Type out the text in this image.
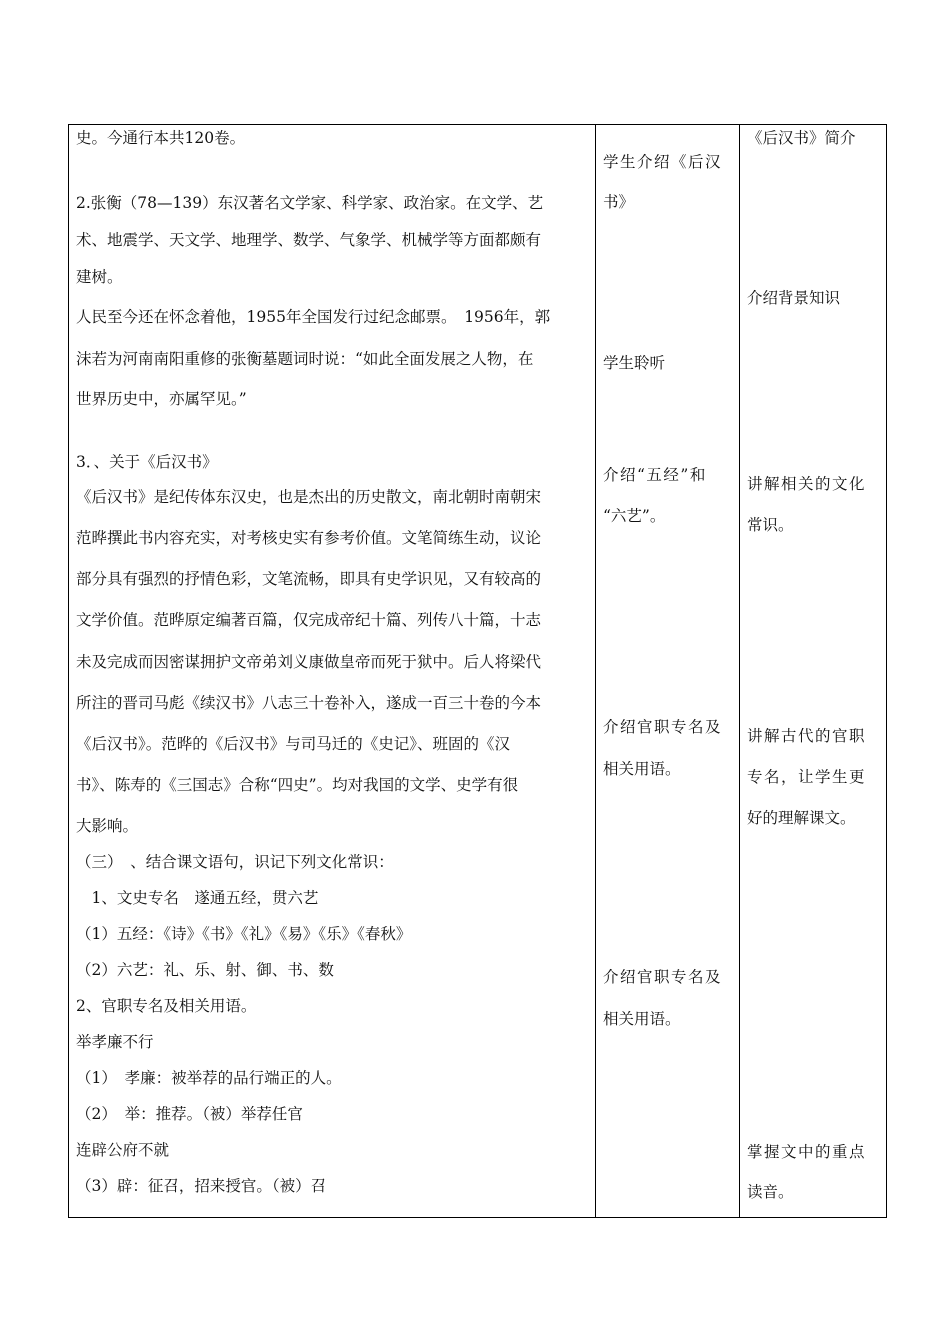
史。今通行本共120卷。
2.张衡（78—139）东汉著名文学家、科学家、政治家。在文学、艺
术、地震学、天文学、地理学、数学、气象学、机械学等方面都颇有
建树。
人民至今还在怀念着他，1955年全国发行过纪念邮票。　1956年，郭
沫若为河南南阳重修的张衡墓题词时说：“如此全面发展之人物，在
世界历史中，亦属罕见。”
3．、关于《后汉书》
《后汉书》是纪传体东汉史，也是杰出的历史散文，南北朝时南朝宋
范晔撰此书内容充实，对考核史实有参考价值。文笔简练生动，议论
部分具有强烈的抒情色彩，文笔流畅，即具有史学识见，又有较高的
文学价值。范晔原定编著百篇，仅完成帝纪十篇、列传八十篇，十志
未及完成而因密谋拥护文帝弟刘义康做皇帝而死于狱中。后人将梁代
所注的晋司马彪《续汉书》八志三十卷补入，遂成一百三十卷的今本
《后汉书》。范晔的《后汉书》与司马迁的《史记》、班固的《汉
书》、陈寿的《三国志》合称“四史”。均对我国的文学、史学有很
大影响。
（三）　、结合课文语句，识记下列文化常识：
　1、文史专名　遂通五经，贯六艺
（1）五经：《诗》《书》《礼》《易》《乐》《春秋》
（2）六艺：礼、乐、射、御、书、数
2、官职专名及相关用语。
举孝廉不行
（1）　孝廉：被举荐的品行端正的人。
（2）　举：推荐。（被）举荐任官
连辟公府不就
（3）辟：征召，招来授官。（被）召
学生介绍《后汉
书》
学生聆听
介绍“五经”和
“六艺”。
介绍官职专名及
相关用语。
介绍官职专名及
相关用语。
《后汉书》简介
介绍背景知识
讲解相关的文化
常识。
讲解古代的官职
专名，让学生更
好的理解课文。
掌握文中的重点
读音。
